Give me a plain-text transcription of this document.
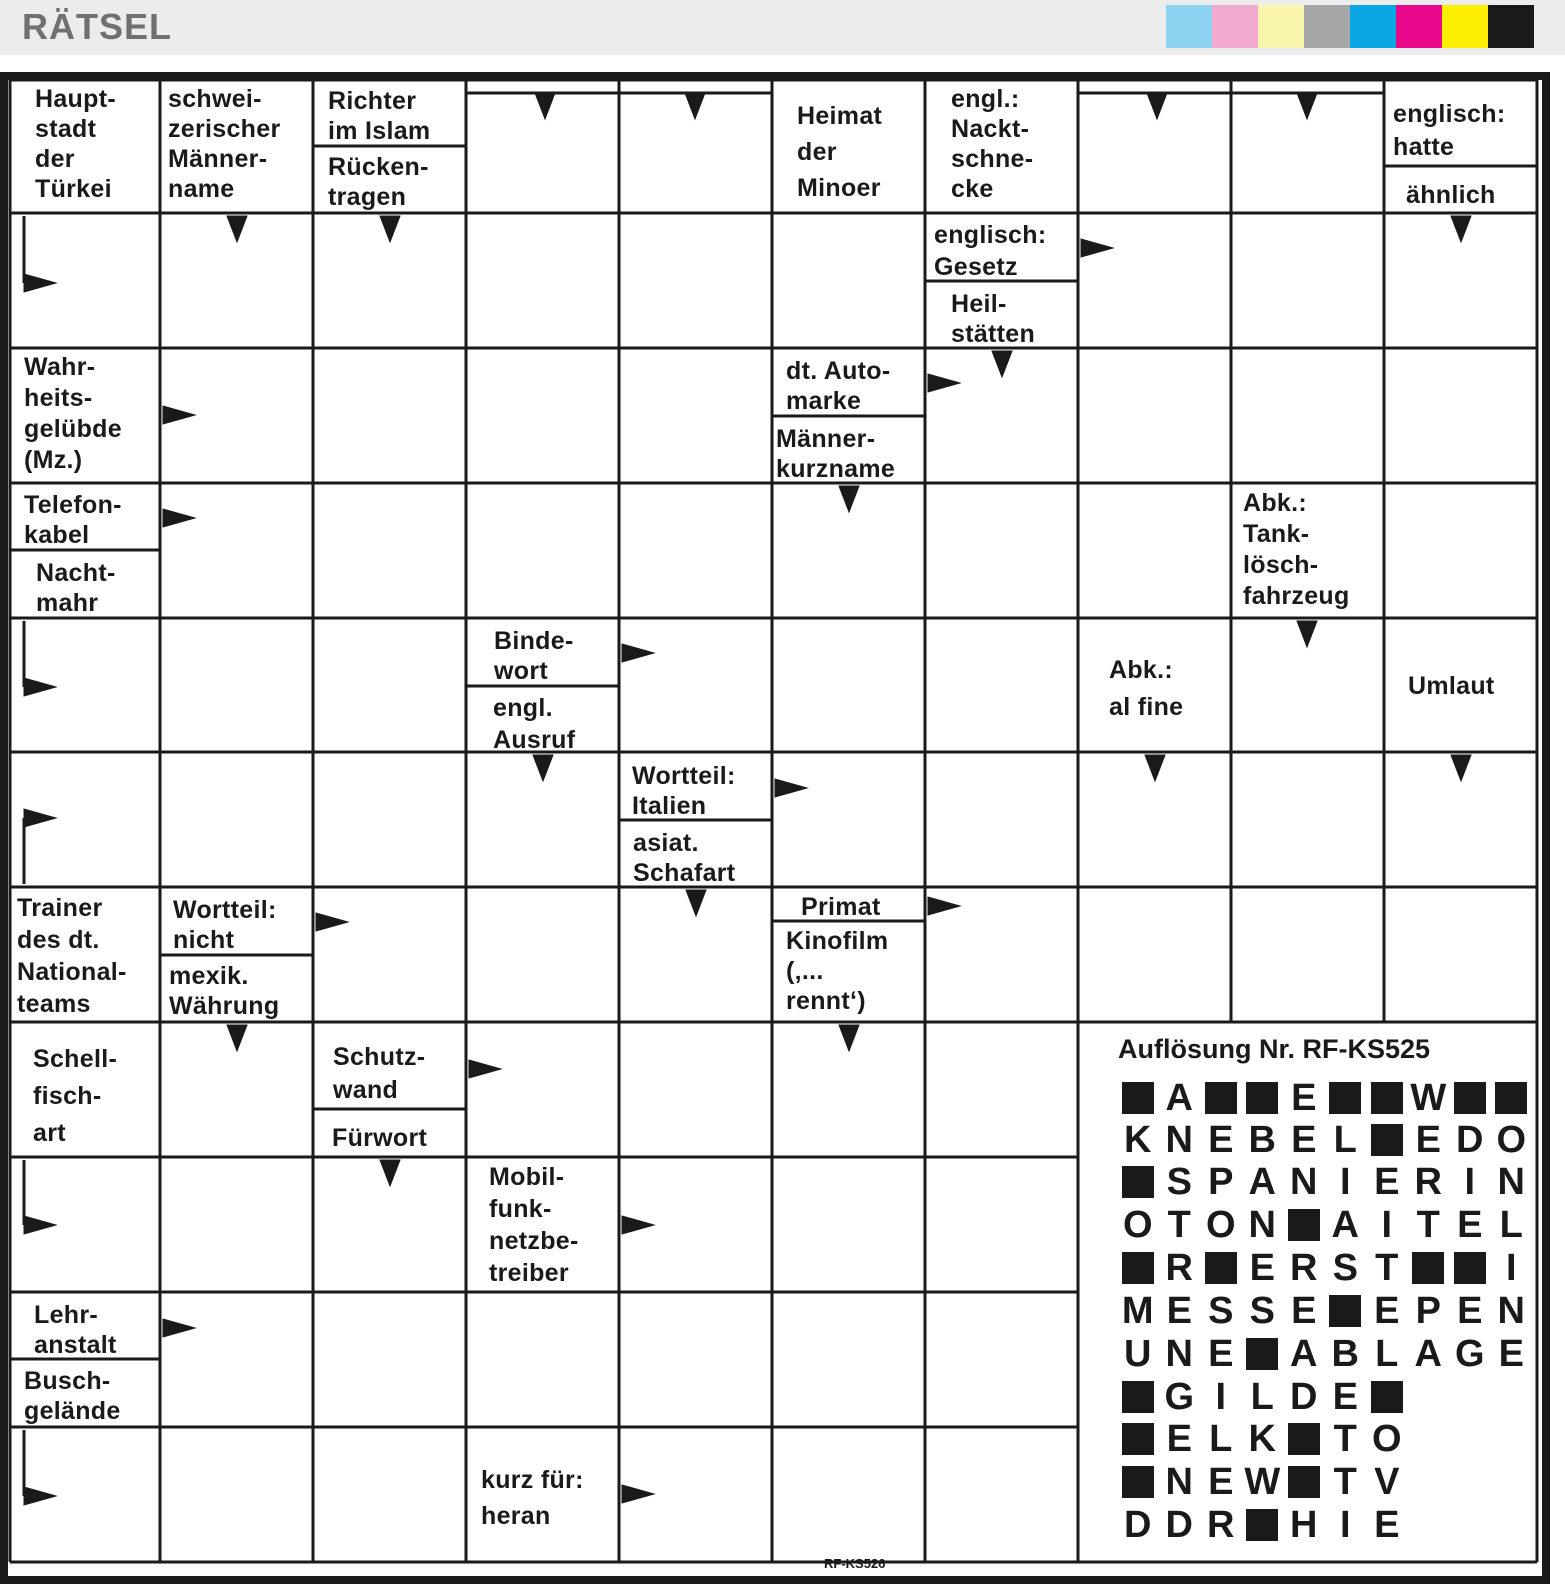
RÄTSEL
Haupt-
stadt
der
Türkei
schwei-
zerischer
Männer-
name
Richter
im Islam
Rücken-
tragen
Heimat
der
Minoer
engl.:
Nackt-
schne-
cke
englisch:
hatte
ähnlich
englisch:
Gesetz
Heil-
stätten
Wahr-
heits-
gelübde
(Mz.)
dt. Auto-
marke
Männer-
kurzname
Telefon-
kabel
Nacht-
mahr
Abk.:
Tank-
lösch-
fahrzeug
Binde-
wort
engl.
Ausruf
Abk.:
al fine
Umlaut
Wortteil:
Italien
asiat.
Schafart
Trainer
des dt.
National-
teams
Wortteil:
nicht
mexik.
Währung
Primat
Kinofilm
(‚...
rennt‘)
Schell-
fisch-
art
Schutz-
wand
Fürwort
Mobil-
funk-
netzbe-
treiber
Lehr-
anstalt
Busch-
gelände
kurz für:
heran
Auflösung Nr. RF-KS525
A	E W
K N E B E L E D O
S P A N I E R I N
O T O N A I T E L
R E R S T	I
M E S S E E P E N
U N E A B L A G E
G I L D E
E L K T O
N E W T V
D D R H I E
RF-KS526
